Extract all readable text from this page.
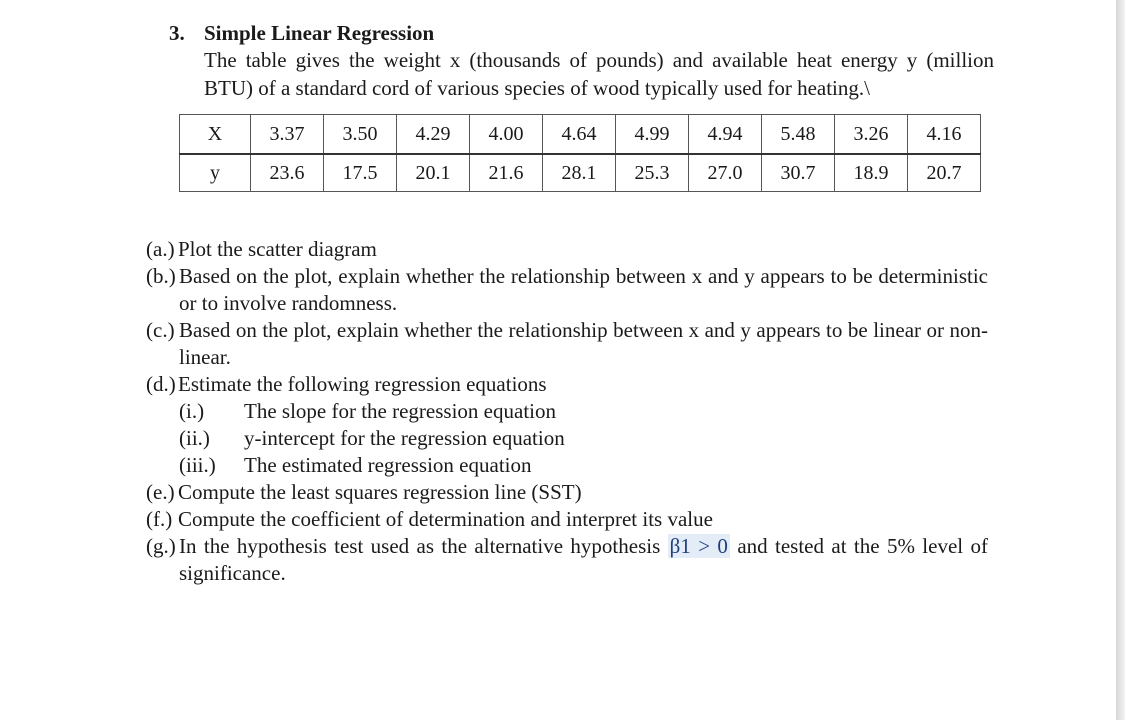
3. Simple Linear Regression
The table gives the weight x (thousands of pounds) and available heat energy y (million BTU) of a standard cord of various species of wood typically used for heating.\
X	3.37	3.50	4.29	4.00	4.64	4.99	4.94	5.48	3.26	4.16
y	23.6	17.5	20.1	21.6	28.1	25.3	27.0	30.7	18.9	20.7
(a.) Plot the scatter diagram
(b.) Based on the plot, explain whether the relationship between x and y appears to be deterministic or to involve randomness.
(c.) Based on the plot, explain whether the relationship between x and y appears to be linear or non-linear.
(d.) Estimate the following regression equations
(i.) The slope for the regression equation
(ii.) y-intercept for the regression equation
(iii.) The estimated regression equation
(e.) Compute the least squares regression line (SST)
(f.) Compute the coefficient of determination and interpret its value
(g.) In the hypothesis test used as the alternative hypothesis β1 > 0 and tested at the 5% level of significance.
